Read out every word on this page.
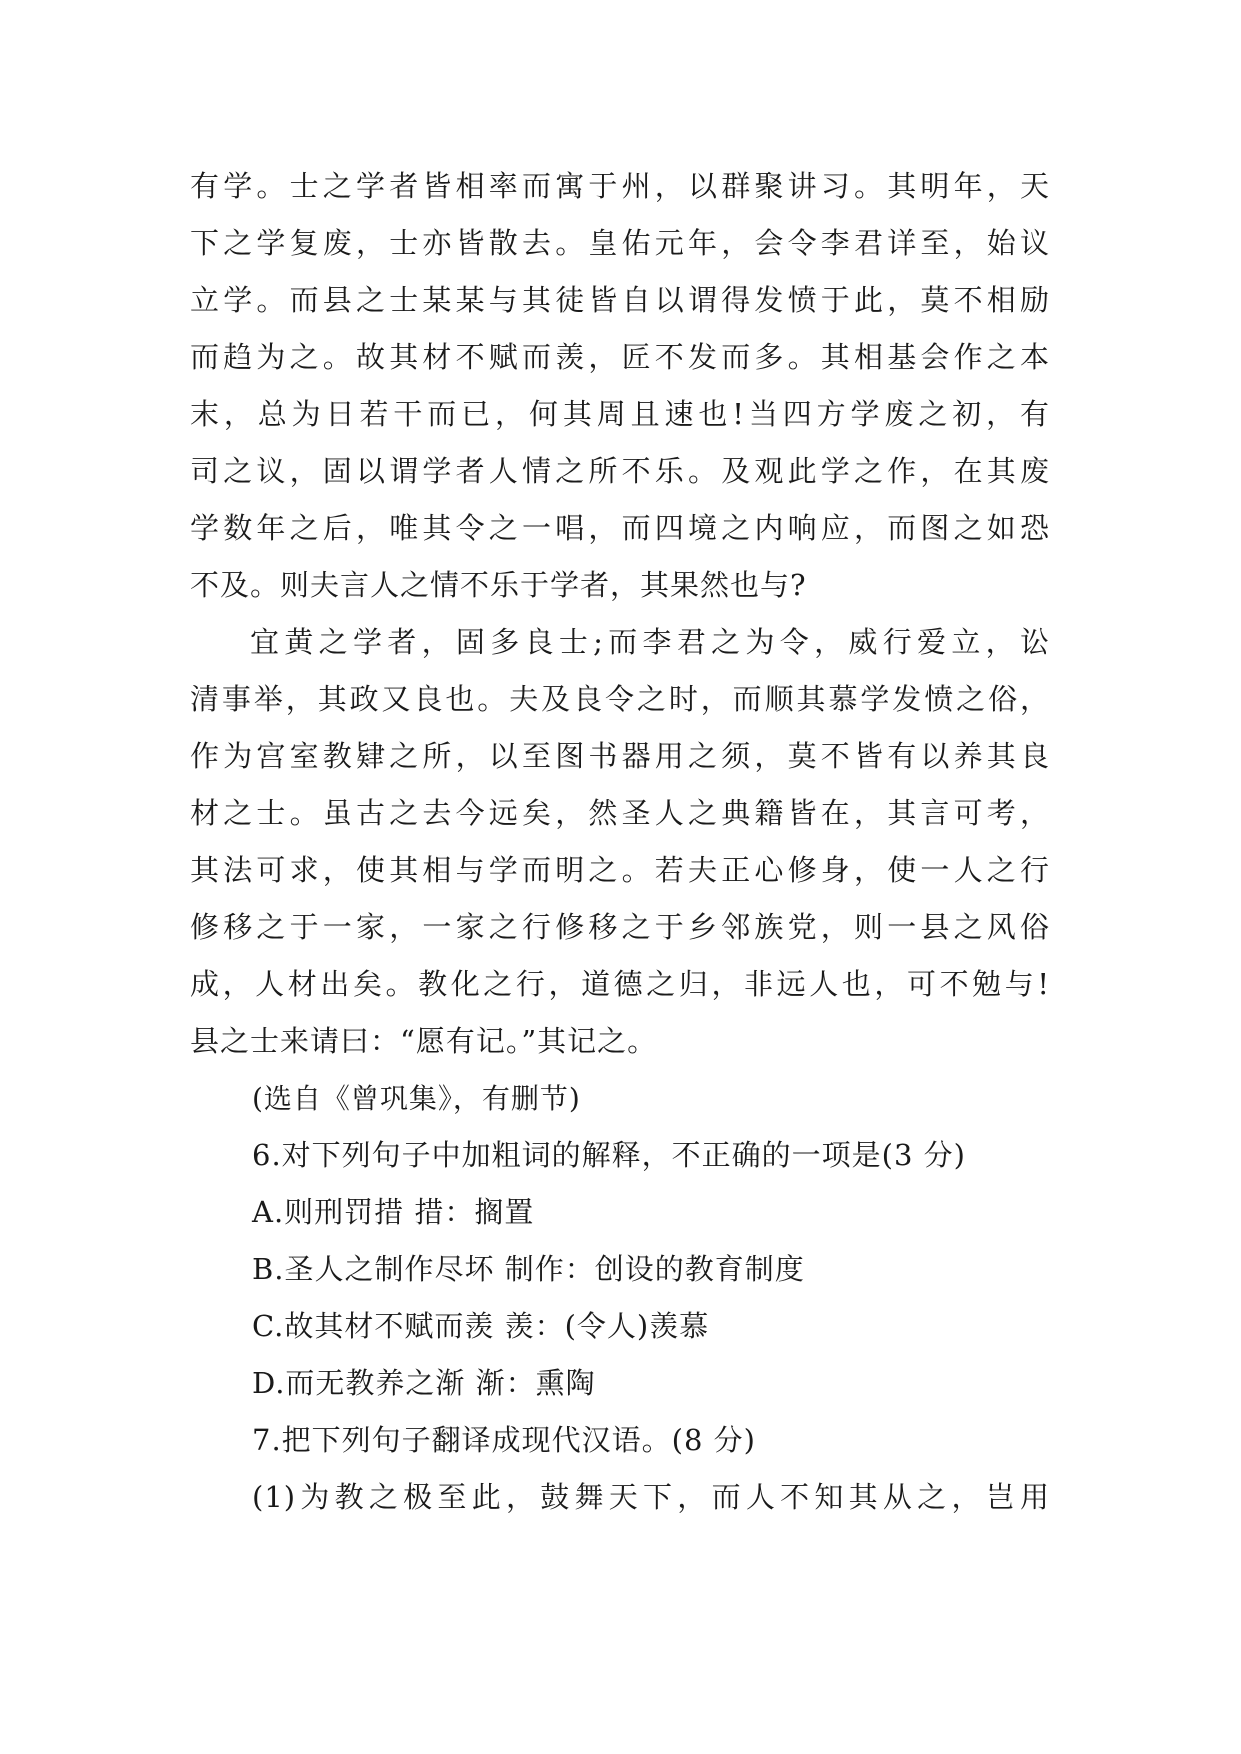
有学。士之学者皆相率而寓于州，以群聚讲习。其明年，天
下之学复废，士亦皆散去。皇佑元年，会令李君详至，始议
立学。而县之士某某与其徒皆自以谓得发愤于此，莫不相励
而趋为之。故其材不赋而羡，匠不发而多。其相基会作之本
末，总为日若干而已，何其周且速也!当四方学废之初，有
司之议，固以谓学者人情之所不乐。及观此学之作，在其废
学数年之后，唯其令之一唱，而四境之内响应，而图之如恐
不及。则夫言人之情不乐于学者，其果然也与?
宜黄之学者，固多良士;而李君之为令，威行爱立，讼
清事举，其政又良也。夫及良令之时，而顺其慕学发愤之俗，
作为宫室教肄之所，以至图书器用之须，莫不皆有以养其良
材之士。虽古之去今远矣，然圣人之典籍皆在，其言可考，
其法可求，使其相与学而明之。若夫正心修身，使一人之行
修移之于一家，一家之行修移之于乡邻族党，则一县之风俗
成，人材出矣。教化之行，道德之归，非远人也，可不勉与!
县之士来请曰：“愿有记。”其记之。
(选自《曾巩集》，有删节)
6.对下列句子中加粗词的解释，不正确的一项是(3 分)
A.则刑罚措 措：搁置
B.圣人之制作尽坏 制作：创设的教育制度
C.故其材不赋而羡 羡：(令人)羡慕
D.而无教养之渐 渐：熏陶
7.把下列句子翻译成现代汉语。(8 分)
(1)为教之极至此，鼓舞天下，而人不知其从之，岂用
